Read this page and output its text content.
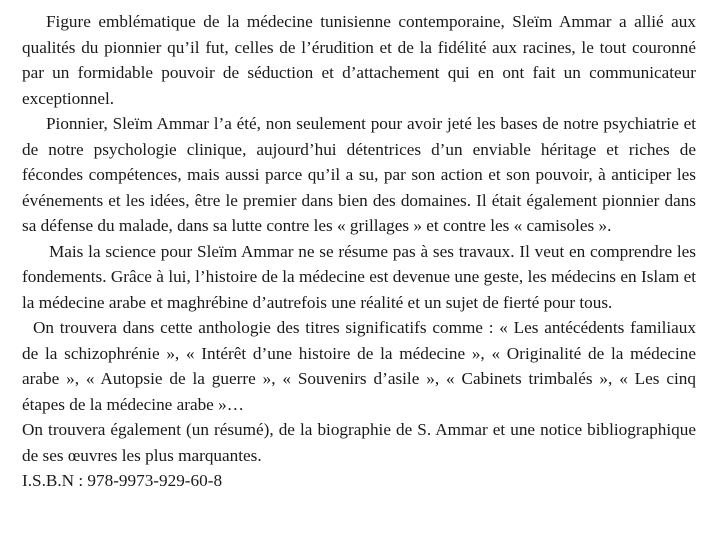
Figure emblématique de la médecine tunisienne contemporaine, Sleïm Ammar a allié aux qualités du pionnier qu’il fut, celles de l’érudition et de la fidélité aux racines, le tout couronné par un formidable pouvoir de séduction et d’attachement qui en ont fait un communicateur exceptionnel.

Pionnier, Sleïm Ammar l’a été, non seulement pour avoir jeté les bases de notre psychiatrie et de notre psychologie clinique, aujourd’hui détentrices d’un enviable héritage et riches de fécondes compétences, mais aussi parce qu’il a su, par son action et son pouvoir, à anticiper les événements et les idées, être le premier dans bien des domaines. Il était également pionnier dans sa défense du malade, dans sa lutte contre les « grillages » et contre les « camisoles ».

Mais la science pour Sleïm Ammar ne se résume pas à ses travaux. Il veut en comprendre les fondements. Grâce à lui, l’histoire de la médecine est devenue une geste, les médecins en Islam et la médecine arabe et maghrébine d’autrefois une réalité et un sujet de fierté pour tous.

On trouvera dans cette anthologie des titres significatifs comme : « Les antécédents familiaux de la schizophrénie », « Intérêt d’une histoire de la médecine », « Originalité de la médecine arabe », « Autopsie de la guerre », « Souvenirs d’asile », « Cabinets trimbalés », « Les cinq étapes de la médecine arabe »…

On trouvera également (un résumé), de la biographie de S. Ammar et une notice bibliographique de ses œuvres les plus marquantes.

I.S.B.N : 978-9973-929-60-8
